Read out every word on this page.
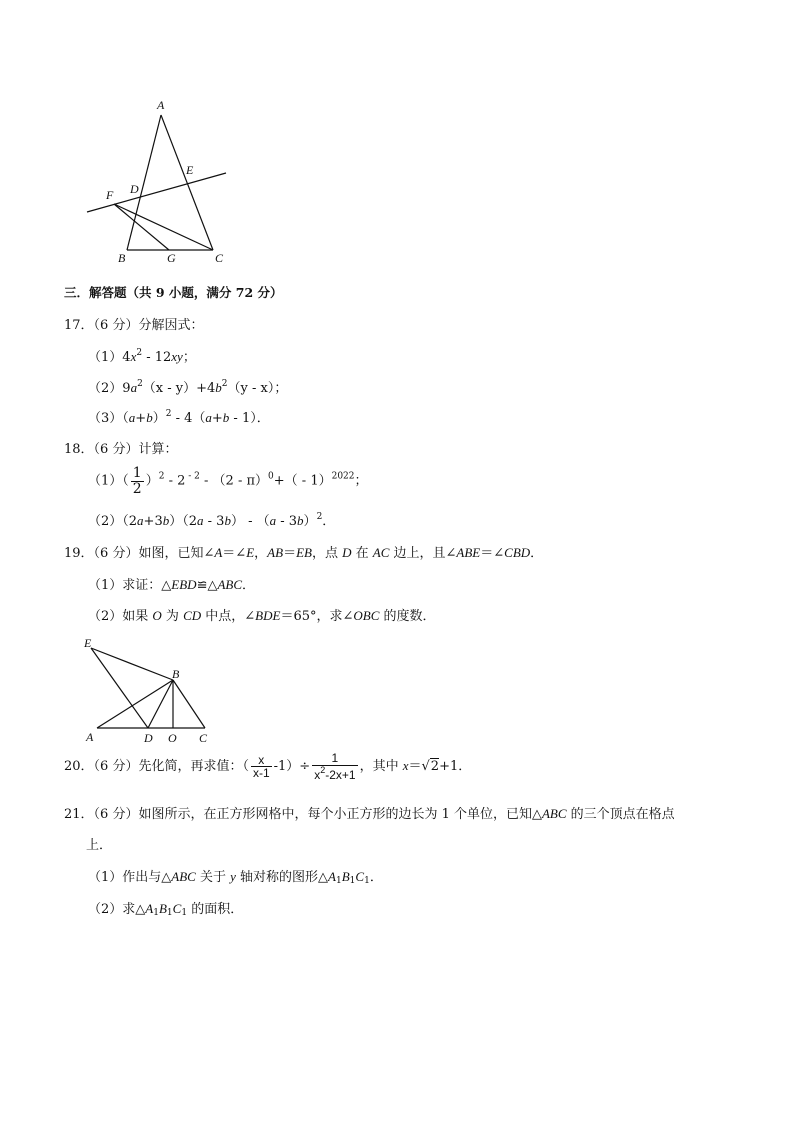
A
E
D
F
B	G	C
三．解答题（共 9 小题，满分 72 分）
17．（6 分）分解因式：
$(1)4x^2 - 12xy$；
$(2)9a^2(x - y)+4b^2(y - x)$；
$(3)(a+b)^2 - 4(a+b - 1)$．
18．（6 分）计算：
$(1)( \frac{1}{2} )^2 - 2$ $^{- 2}$ - （2 - π）$^0$+（ - 1）$^{2022}$；
（2）（2a+3b）（2a - 3b） - （a - 3b）$^2$．
19．（6 分）如图，已知∠A＝∠E，AB＝EB，点 D 在 AC 边上，且∠ABE＝∠CBD．
（1）求证：△EBD≌△ABC．
（2）如果 O 为 CD 中点，∠BDE＝65°，求∠OBC 的度数．
E
B
A	D O C
20．（6 分）先化简，再求值：（ $\frac{x}{x-1} -1)\div \frac{1}{x^2-2x+1}$ ，其中 x＝√2+1．
21．（6 分）如图所示，在正方形网格中，每个小正方形的边长为 1 个单位，已知△ABC 的三个顶点在格点
上．
（1）作出与△ABC 关于 y 轴对称的图形$\triangle A_1B_1C_1$．
（2）求$\triangle A_1B_1C_1$ 的面积．
